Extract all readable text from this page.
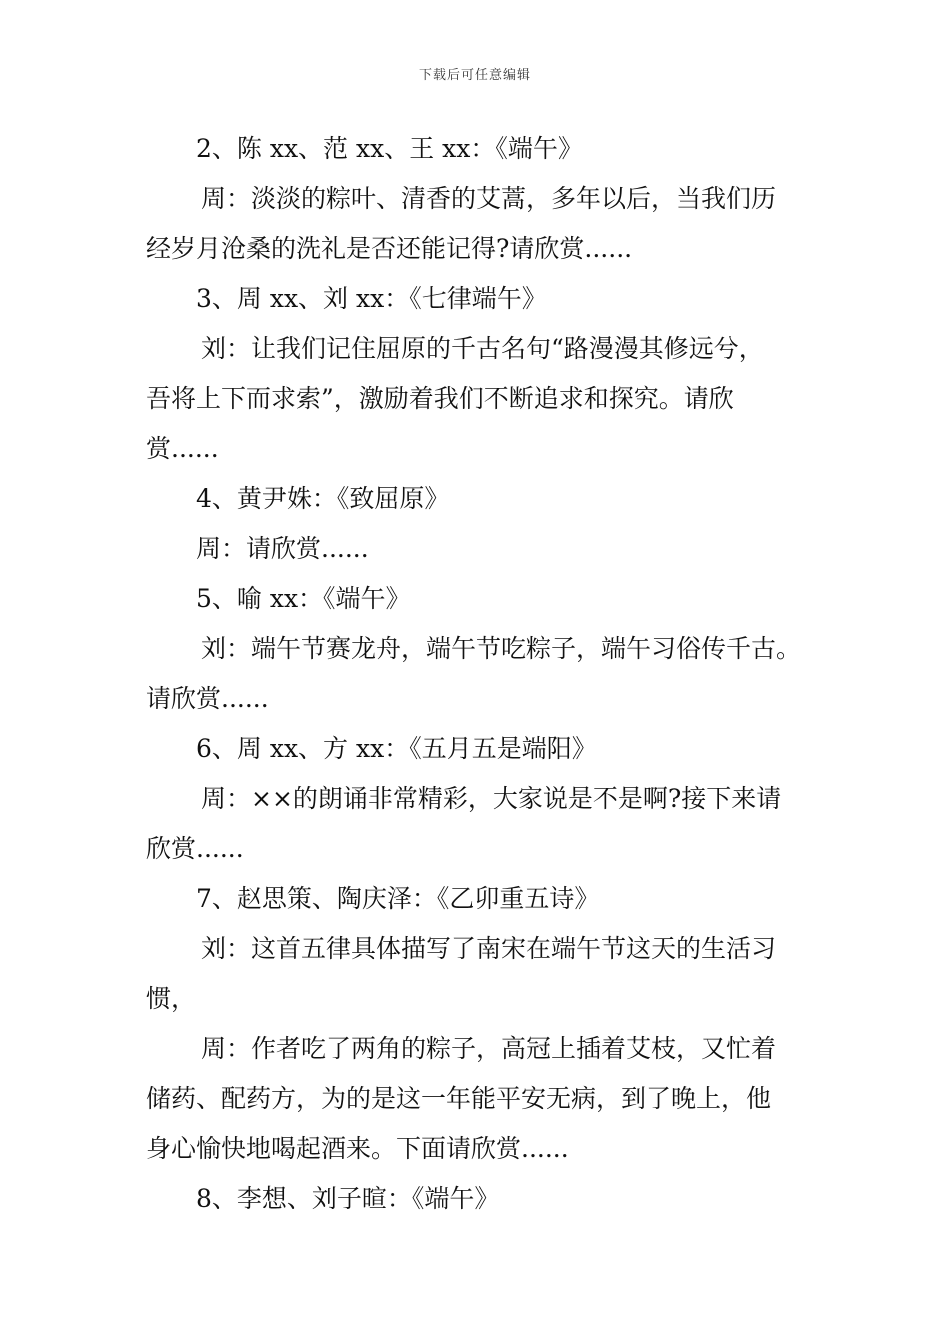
下载后可任意编辑

2、陈 xx、范 xx、王 xx：《端午》

周：淡淡的粽叶、清香的艾蒿，多年以后，当我们历

经岁月沧桑的洗礼是否还能记得?请欣赏......

3、周 xx、刘 xx：《七律端午》

刘：让我们记住屈原的千古名句“路漫漫其修远兮，

吾将上下而求索”，激励着我们不断追求和探究。请欣

赏......

4、黄尹姝：《致屈原》

周：请欣赏......

5、喻 xx：《端午》

刘：端午节赛龙舟，端午节吃粽子，端午习俗传千古。

请欣赏......

6、周 xx、方 xx：《五月五是端阳》

周：××的朗诵非常精彩，大家说是不是啊?接下来请

欣赏......

7、赵思策、陶庆泽：《乙卯重五诗》

刘：这首五律具体描写了南宋在端午节这天的生活习

惯，

周：作者吃了两角的粽子，高冠上插着艾枝，又忙着

储药、配药方，为的是这一年能平安无病，到了晚上，他

身心愉快地喝起酒来。下面请欣赏......

8、李想、刘子暄：《端午》
